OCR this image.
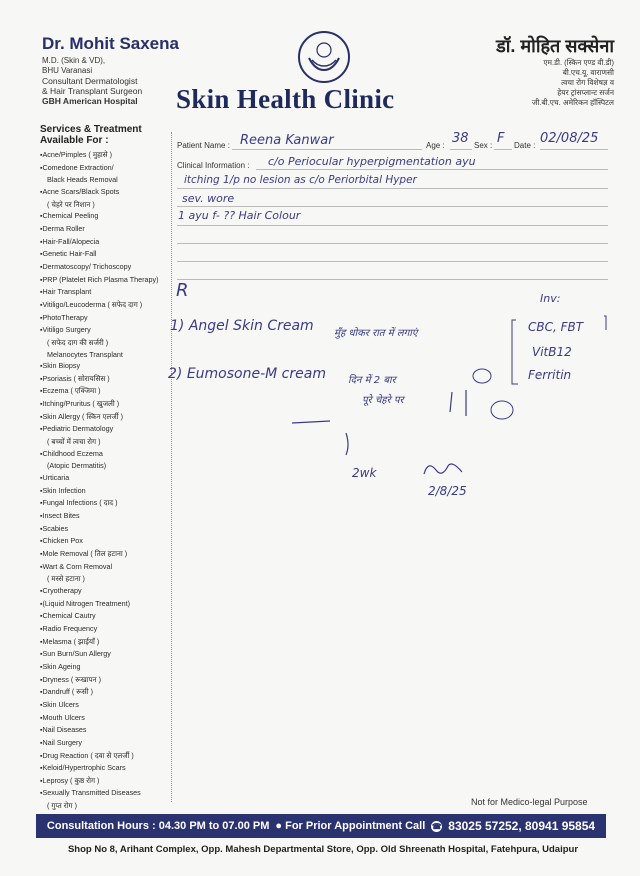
Dr. Mohit Saxena
M.D. (Skin & VD),
BHU Varanasi
Consultant Dermatologist
& Hair Transplant Surgeon
GBH American Hospital Skin Health Clinic
डॉ. मोहित सक्सेना
एम.डी. (स्किन एण्ड वी.डी)
बी.एच.यू. वाराणसी
त्वचा रोग विशेषज्ञ व
हेयर ट्रांसप्लान्ट सर्जन
जी.बी.एच. अमेरिकन हॉस्पिटल
Services & Treatment Available For :
▪ Acne/Pimples ( मुहासे )
▪ Comedone Extraction/
Black Heads Removal
▪ Acne Scars/Black Spots
( चेहरे पर निशान )
▪ Chemical Peeling
▪ Derma Roller
▪ Hair-Fall/Alopecia
▪ Genetic Hair-Fall
▪ Dermatoscopy/ Trichoscopy
▪ PRP (Platelet Rich Plasma Therapy)
▪ Hair Transplant
▪ Vitiligo/Leucoderma ( सफेद दाग )
▪ PhotoTherapy
▪ Vitiligo Surgery
( सफेद दाग की सर्जरी )
Melanocytes Transplant
▪ Skin Biopsy
▪ Psoriasis ( सोरायसिस )
▪ Eczema ( एक्जिमा )
▪ Itching/Pruritus ( खुजली )
▪ Skin Allergy ( स्किन एलर्जी )
▪ Pediatric Dermatology
( बच्चों में त्वचा रोग )
▪ Childhood Eczema
(Atopic Dermatitis)
▪ Urticaria
▪ Skin Infection
▪ Fungal Infections ( दाद )
▪ Insect Bites
▪ Scabies
▪ Chicken Pox
▪ Mole Removal ( तिल हटाना )
▪ Wart & Corn Removal
( मस्से हटाना )
▪ Cryotherapy
▪ (Liquid Nitrogen Treatment)
▪ Chemical Cautry
▪ Radio Frequency
▪ Melasma ( झाईयाँ )
▪ Sun Burn/Sun Allergy
▪ Skin Ageing
▪ Dryness ( रूखापन )
▪ Dandruff ( रूसी )
▪ Skin Ulcers
▪ Mouth Ulcers
▪ Nail Diseases
▪ Nail Surgery
▪ Drug Reaction ( दवा से एलर्जी )
▪ Keloid/Hypertrophic Scars
▪ Leprosy ( कुष्ठ रोग )
▪ Sexually Transmitted Diseases
( गुप्त रोग )
Patient Name : Reena Kanwar	Age : 38 Sex : F Date : 02/08/25
Clinical Information : c/o Periocular hyperpigmentation ayu
itching 1/p no lesion as c/o Periorbital Hyper
sev. wore
1 ayu f- ?? Hair Colour
R
1) Angel Skin Cream मुँह धोकर रात में लगाएं
2) Eumosone-M cream दिन में 2 बार
पूरे चेहरे पर
Inv:
CBC, FBT
VitB12
Ferritin
2wk
2/8/25
Not for Medico-legal Purpose
Consultation Hours : 04.30 PM to 07.00 PM ● For Prior Appointment Call ☎ 83025 57252, 80941 95854
Shop No 8, Arihant Complex, Opp. Mahesh Departmental Store, Opp. Old Shreenath Hospital, Fatehpura, Udaipur
